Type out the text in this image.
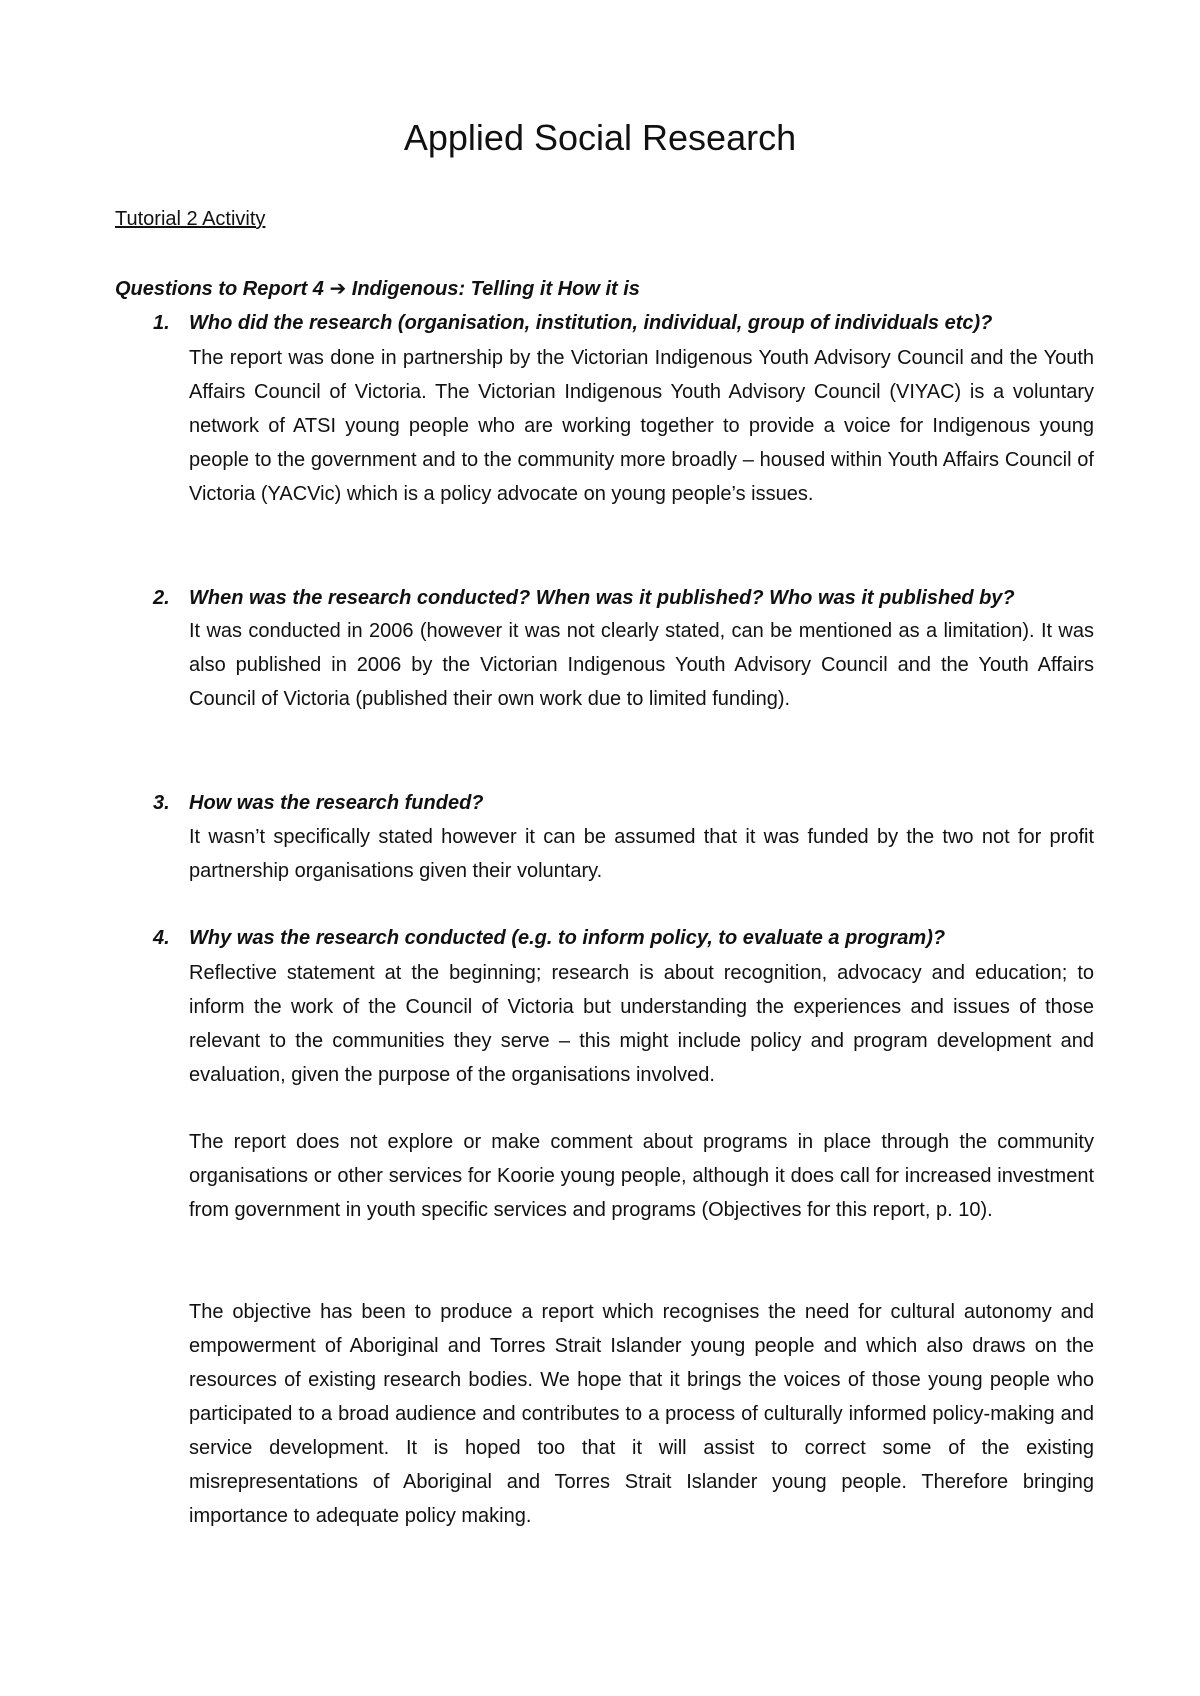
Applied Social Research

Tutorial 2 Activity

Questions to Report 4 ➔ Indigenous: Telling it How it is

1. Who did the research (organisation, institution, individual, group of individuals etc)?

The report was done in partnership by the Victorian Indigenous Youth Advisory Council and the Youth Affairs Council of Victoria. The Victorian Indigenous Youth Advisory Council (VIYAC) is a voluntary network of ATSI young people who are working together to provide a voice for Indigenous young people to the government and to the community more broadly – housed within Youth Affairs Council of Victoria (YACVic) which is a policy advocate on young people’s issues.

2. When was the research conducted? When was it published? Who was it published by?

It was conducted in 2006 (however it was not clearly stated, can be mentioned as a limitation). It was also published in 2006 by the Victorian Indigenous Youth Advisory Council and the Youth Affairs Council of Victoria (published their own work due to limited funding).

3. How was the research funded?

It wasn’t specifically stated however it can be assumed that it was funded by the two not for profit partnership organisations given their voluntary.

4. Why was the research conducted (e.g. to inform policy, to evaluate a program)?

Reflective statement at the beginning; research is about recognition, advocacy and education; to inform the work of the Council of Victoria but understanding the experiences and issues of those relevant to the communities they serve – this might include policy and program development and evaluation, given the purpose of the organisations involved.

The report does not explore or make comment about programs in place through the community organisations or other services for Koorie young people, although it does call for increased investment from government in youth specific services and programs (Objectives for this report, p. 10).

The objective has been to produce a report which recognises the need for cultural autonomy and empowerment of Aboriginal and Torres Strait Islander young people and which also draws on the resources of existing research bodies. We hope that it brings the voices of those young people who participated to a broad audience and contributes to a process of culturally informed policy-making and service development. It is hoped too that it will assist to correct some of the existing misrepresentations of Aboriginal and Torres Strait Islander young people. Therefore bringing importance to adequate policy making.
